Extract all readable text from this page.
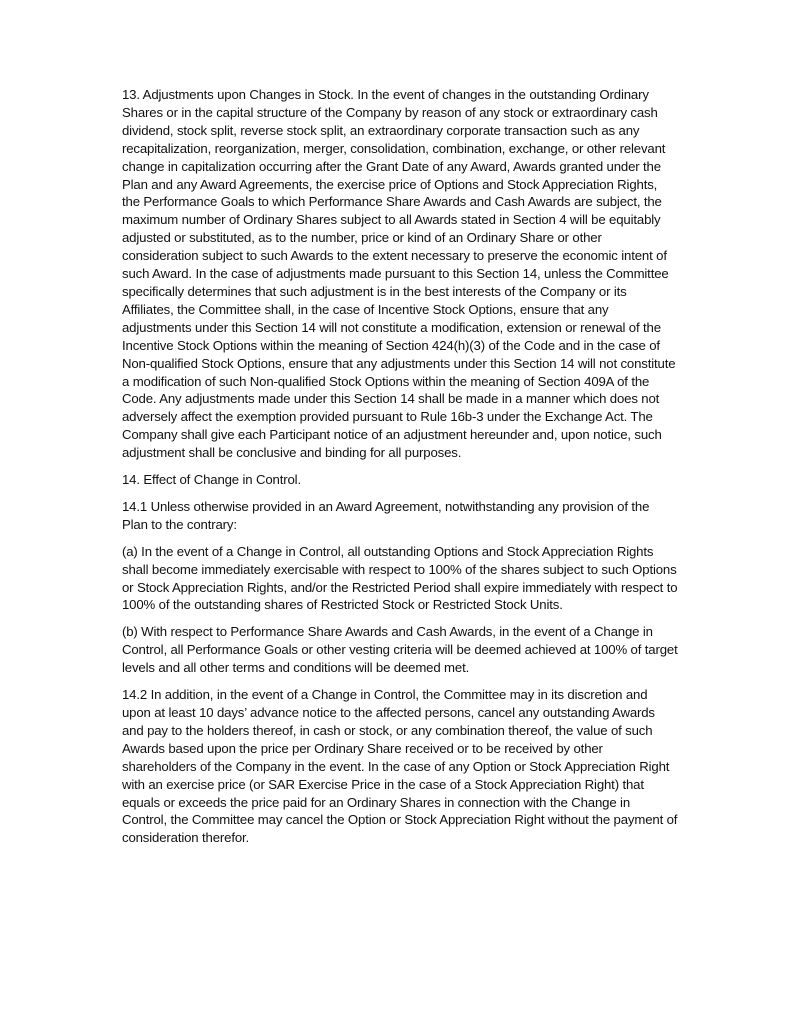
13. Adjustments upon Changes in Stock. In the event of changes in the outstanding Ordinary Shares or in the capital structure of the Company by reason of any stock or extraordinary cash dividend, stock split, reverse stock split, an extraordinary corporate transaction such as any recapitalization, reorganization, merger, consolidation, combination, exchange, or other relevant change in capitalization occurring after the Grant Date of any Award, Awards granted under the Plan and any Award Agreements, the exercise price of Options and Stock Appreciation Rights, the Performance Goals to which Performance Share Awards and Cash Awards are subject, the maximum number of Ordinary Shares subject to all Awards stated in Section 4 will be equitably adjusted or substituted, as to the number, price or kind of an Ordinary Share or other consideration subject to such Awards to the extent necessary to preserve the economic intent of such Award. In the case of adjustments made pursuant to this Section 14, unless the Committee specifically determines that such adjustment is in the best interests of the Company or its Affiliates, the Committee shall, in the case of Incentive Stock Options, ensure that any adjustments under this Section 14 will not constitute a modification, extension or renewal of the Incentive Stock Options within the meaning of Section 424(h)(3) of the Code and in the case of Non-qualified Stock Options, ensure that any adjustments under this Section 14 will not constitute a modification of such Non-qualified Stock Options within the meaning of Section 409A of the Code. Any adjustments made under this Section 14 shall be made in a manner which does not adversely affect the exemption provided pursuant to Rule 16b-3 under the Exchange Act. The Company shall give each Participant notice of an adjustment hereunder and, upon notice, such adjustment shall be conclusive and binding for all purposes.

14. Effect of Change in Control.

14.1 Unless otherwise provided in an Award Agreement, notwithstanding any provision of the Plan to the contrary:

(a) In the event of a Change in Control, all outstanding Options and Stock Appreciation Rights shall become immediately exercisable with respect to 100% of the shares subject to such Options or Stock Appreciation Rights, and/or the Restricted Period shall expire immediately with respect to 100% of the outstanding shares of Restricted Stock or Restricted Stock Units.

(b) With respect to Performance Share Awards and Cash Awards, in the event of a Change in Control, all Performance Goals or other vesting criteria will be deemed achieved at 100% of target levels and all other terms and conditions will be deemed met.

14.2 In addition, in the event of a Change in Control, the Committee may in its discretion and upon at least 10 days’ advance notice to the affected persons, cancel any outstanding Awards and pay to the holders thereof, in cash or stock, or any combination thereof, the value of such Awards based upon the price per Ordinary Share received or to be received by other shareholders of the Company in the event. In the case of any Option or Stock Appreciation Right with an exercise price (or SAR Exercise Price in the case of a Stock Appreciation Right) that equals or exceeds the price paid for an Ordinary Shares in connection with the Change in Control, the Committee may cancel the Option or Stock Appreciation Right without the payment of consideration therefor.
